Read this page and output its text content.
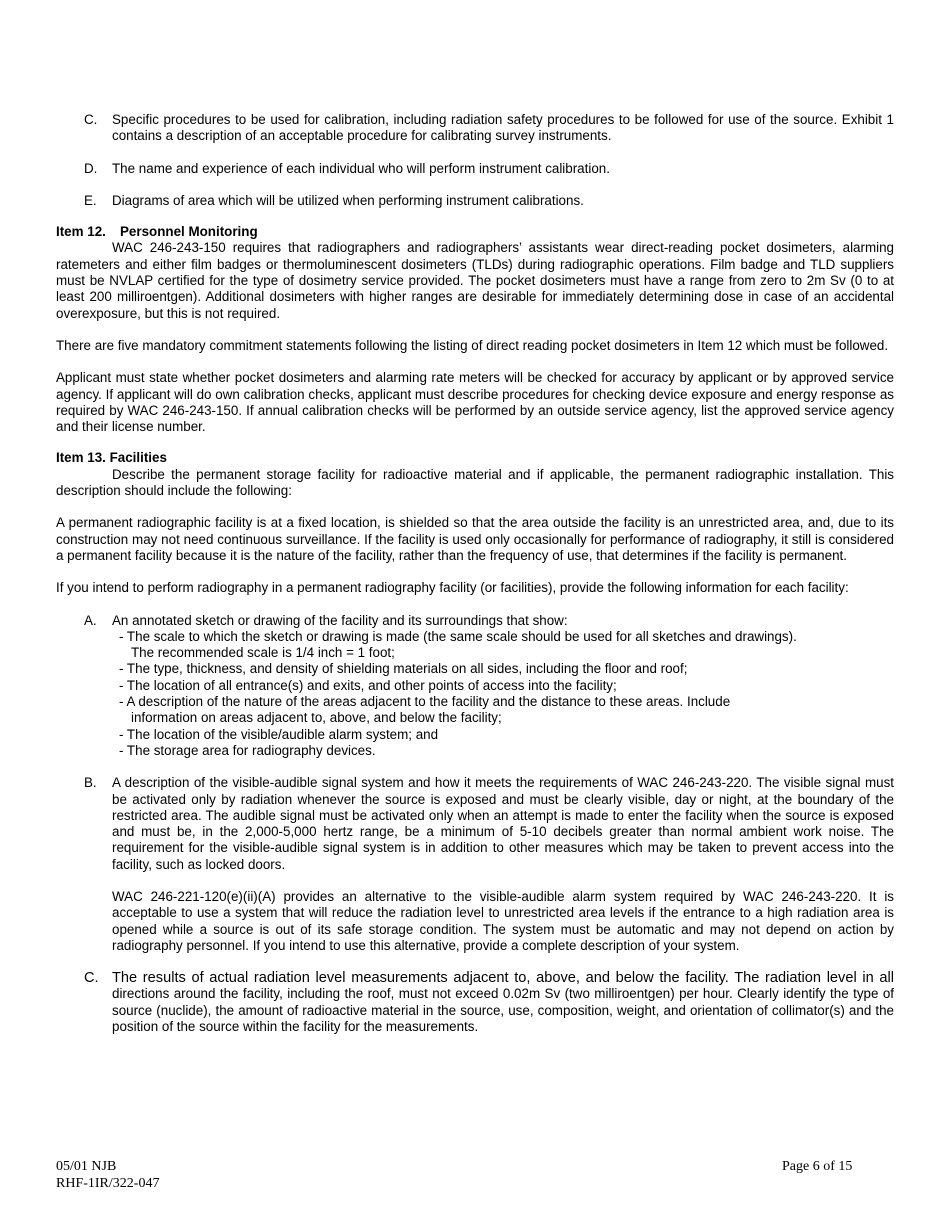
C.	Specific procedures to be used for calibration, including radiation safety procedures to be followed for use of the source. Exhibit 1 contains a description of an acceptable procedure for calibrating survey instruments.
D.	The name and experience of each individual who will perform instrument calibration.
E.	Diagrams of area which will be utilized when performing instrument calibrations.
Item 12. Personnel Monitoring

WAC 246-243-150 requires that radiographers and radiographers’ assistants wear direct-reading pocket dosimeters, alarming ratemeters and either film badges or thermoluminescent dosimeters (TLDs) during radiographic operations. Film badge and TLD suppliers must be NVLAP certified for the type of dosimetry service provided. The pocket dosimeters must have a range from zero to 2m Sv (0 to at least 200 milliroentgen). Additional dosimeters with higher ranges are desirable for immediately determining dose in case of an accidental overexposure, but this is not required.

There are five mandatory commitment statements following the listing of direct reading pocket dosimeters in Item 12 which must be followed.

Applicant must state whether pocket dosimeters and alarming rate meters will be checked for accuracy by applicant or by approved service agency. If applicant will do own calibration checks, applicant must describe procedures for checking device exposure and energy response as required by WAC 246-243-150. If annual calibration checks will be performed by an outside service agency, list the approved service agency and their license number.

Item 13. Facilities

Describe the permanent storage facility for radioactive material and if applicable, the permanent radiographic installation. This description should include the following:

A permanent radiographic facility is at a fixed location, is shielded so that the area outside the facility is an unrestricted area, and, due to its construction may not need continuous surveillance. If the facility is used only occasionally for performance of radiography, it still is considered a permanent facility because it is the nature of the facility, rather than the frequency of use, that determines if the facility is permanent.

If you intend to perform radiography in a permanent radiography facility (or facilities), provide the following information for each facility:

A.	An annotated sketch or drawing of the facility and its surroundings that show:
- The scale to which the sketch or drawing is made (the same scale should be used for all sketches and drawings).
The recommended scale is 1/4 inch = 1 foot;
- The type, thickness, and density of shielding materials on all sides, including the floor and roof;
- The location of all entrance(s) and exits, and other points of access into the facility;
- A description of the nature of the areas adjacent to the facility and the distance to these areas. Include
information on areas adjacent to, above, and below the facility;
- The location of the visible/audible alarm system; and
- The storage area for radiography devices.
B.	A description of the visible-audible signal system and how it meets the requirements of WAC 246-243-220. The visible signal must be activated only by radiation whenever the source is exposed and must be clearly visible, day or night, at the boundary of the restricted area. The audible signal must be activated only when an attempt is made to enter the facility when the source is exposed and must be, in the 2,000-5,000 hertz range, be a minimum of 5-10 decibels greater than normal ambient work noise. The requirement for the visible-audible signal system is in addition to other measures which may be taken to prevent access into the facility, such as locked doors.
WAC 246-221-120(e)(ii)(A) provides an alternative to the visible-audible alarm system required by WAC 246-243-220. It is acceptable to use a system that will reduce the radiation level to unrestricted area levels if the entrance to a high radiation area is opened while a source is out of its safe storage condition. The system must be automatic and may not depend on action by radiography personnel. If you intend to use this alternative, provide a complete description of your system.
C. The results of actual radiation level measurements adjacent to, above, and below the facility. The radiation level in all directions around the facility, including the roof, must not exceed 0.02m Sv (two milliroentgen) per hour. Clearly identify the type of source (nuclide), the amount of radioactive material in the source, use, composition, weight, and orientation of collimator(s) and the position of the source within the facility for the measurements.
05/01 NJB
RHF-1IR/322-047
Page 6 of 15
